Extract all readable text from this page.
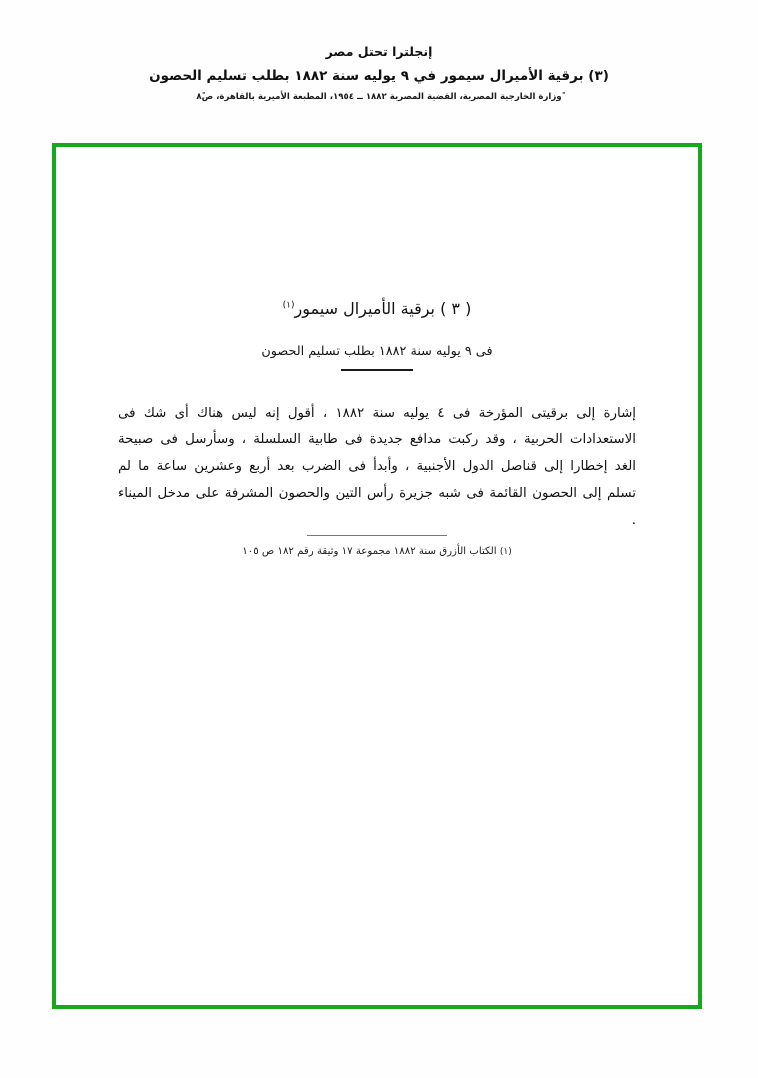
إنجلترا تحتل مصر
(٣) برقية الأميرال سيمور في ٩ يوليه سنة ١٨٨٢ بطلب تسليم الحصون
ًوزارة الخارجية المصرية، القضية المصرية ١٨٨٢ ــ ١٩٥٤، المطبعة الأميرية بالقاهرة، ص٨ً
( ٣ ) برقية الأميرال سيمور$^{(١)}$
فى ٩ يوليه سنة ١٨٨٢ بطلب تسليم الحصون

إشارة إلى برقيتى المؤرخة فى ٤ يوليه سنة ١٨٨٢ ، أقول إنه ليس هناك أى شك فى الاستعدادات الحربية ، وقد ركبت مدافع جديدة فى طابية السلسلة ، وسأرسل فى صبيحة الغد إخطارا إلى قناصل الدول الأجنبية ، وأبدأ فى الضرب بعد أربع وعشرين ساعة ما لم تسلم إلى الحصون القائمة فى شبه جزيرة رأس التين والحصون المشرفة على مدخل الميناء .

(١) الكتاب الأزرق سنة ١٨٨٢ مجموعة ١٧ وثيقة رقم ١٨٢ ص ١٠٥
